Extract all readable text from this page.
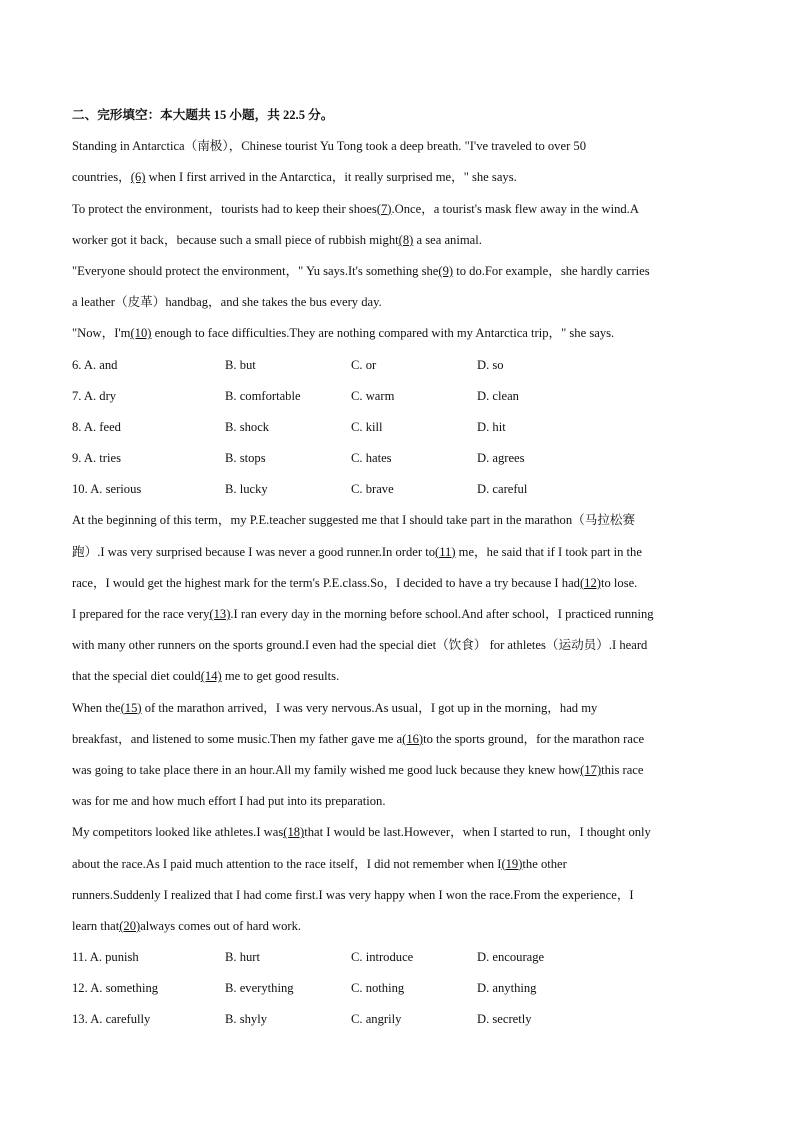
二、完形填空：本大题共 15 小题，共 22.5 分。
Standing in Antarctica（南极），Chinese tourist Yu Tong took a deep breath. "I've traveled to over 50
countries，(6) when I first arrived in the Antarctica，it really surprised me，" she says.
To protect the environment，tourists had to keep their shoes(7).Once，a tourist's mask flew away in the wind.A
worker got it back，because such a small piece of rubbish might(8) a sea animal.
"Everyone should protect the environment，" Yu says.It's something she(9) to do.For example，she hardly carries
a leather（皮革）handbag，and she takes the bus every day.
"Now，I'm(10) enough to face difficulties.They are nothing compared with my Antarctica trip，" she says.
6. A. and	B. but	C. or	D. so
7. A. dry	B. comfortable	C. warm	D. clean
8. A. feed	B. shock	C. kill	D. hit
9. A. tries	B. stops	C. hates	D. agrees
10. A. serious	B. lucky	C. brave	D. careful
At the beginning of this term，my P.E.teacher suggested me that I should take part in the marathon（马拉松赛
跑）.I was very surprised because I was never a good runner.In order to(11) me，he said that if I took part in the
race，I would get the highest mark for the term's P.E.class.So，I decided to have a try because I had(12)to lose.
I prepared for the race very(13).I ran every day in the morning before school.And after school，I practiced running
with many other runners on the sports ground.I even had the special diet（饮食） for athletes（运动员）.I heard
that the special diet could(14) me to get good results.
When the(15) of the marathon arrived，I was very nervous.As usual，I got up in the morning，had my
breakfast，and listened to some music.Then my father gave me a(16)to the sports ground，for the marathon race
was going to take place there in an hour.All my family wished me good luck because they knew how(17)this race
was for me and how much effort I had put into its preparation.
My competitors looked like athletes.I was(18)that I would be last.However，when I started to run，I thought only
about the race.As I paid much attention to the race itself，I did not remember when I(19)the other
runners.Suddenly I realized that I had come first.I was very happy when I won the race.From the experience，I
learn that(20)always comes out of hard work.
11. A. punish	B. hurt	C. introduce	D. encourage
12. A. something	B. everything	C. nothing	D. anything
13. A. carefully	B. shyly	C. angrily	D. secretly
